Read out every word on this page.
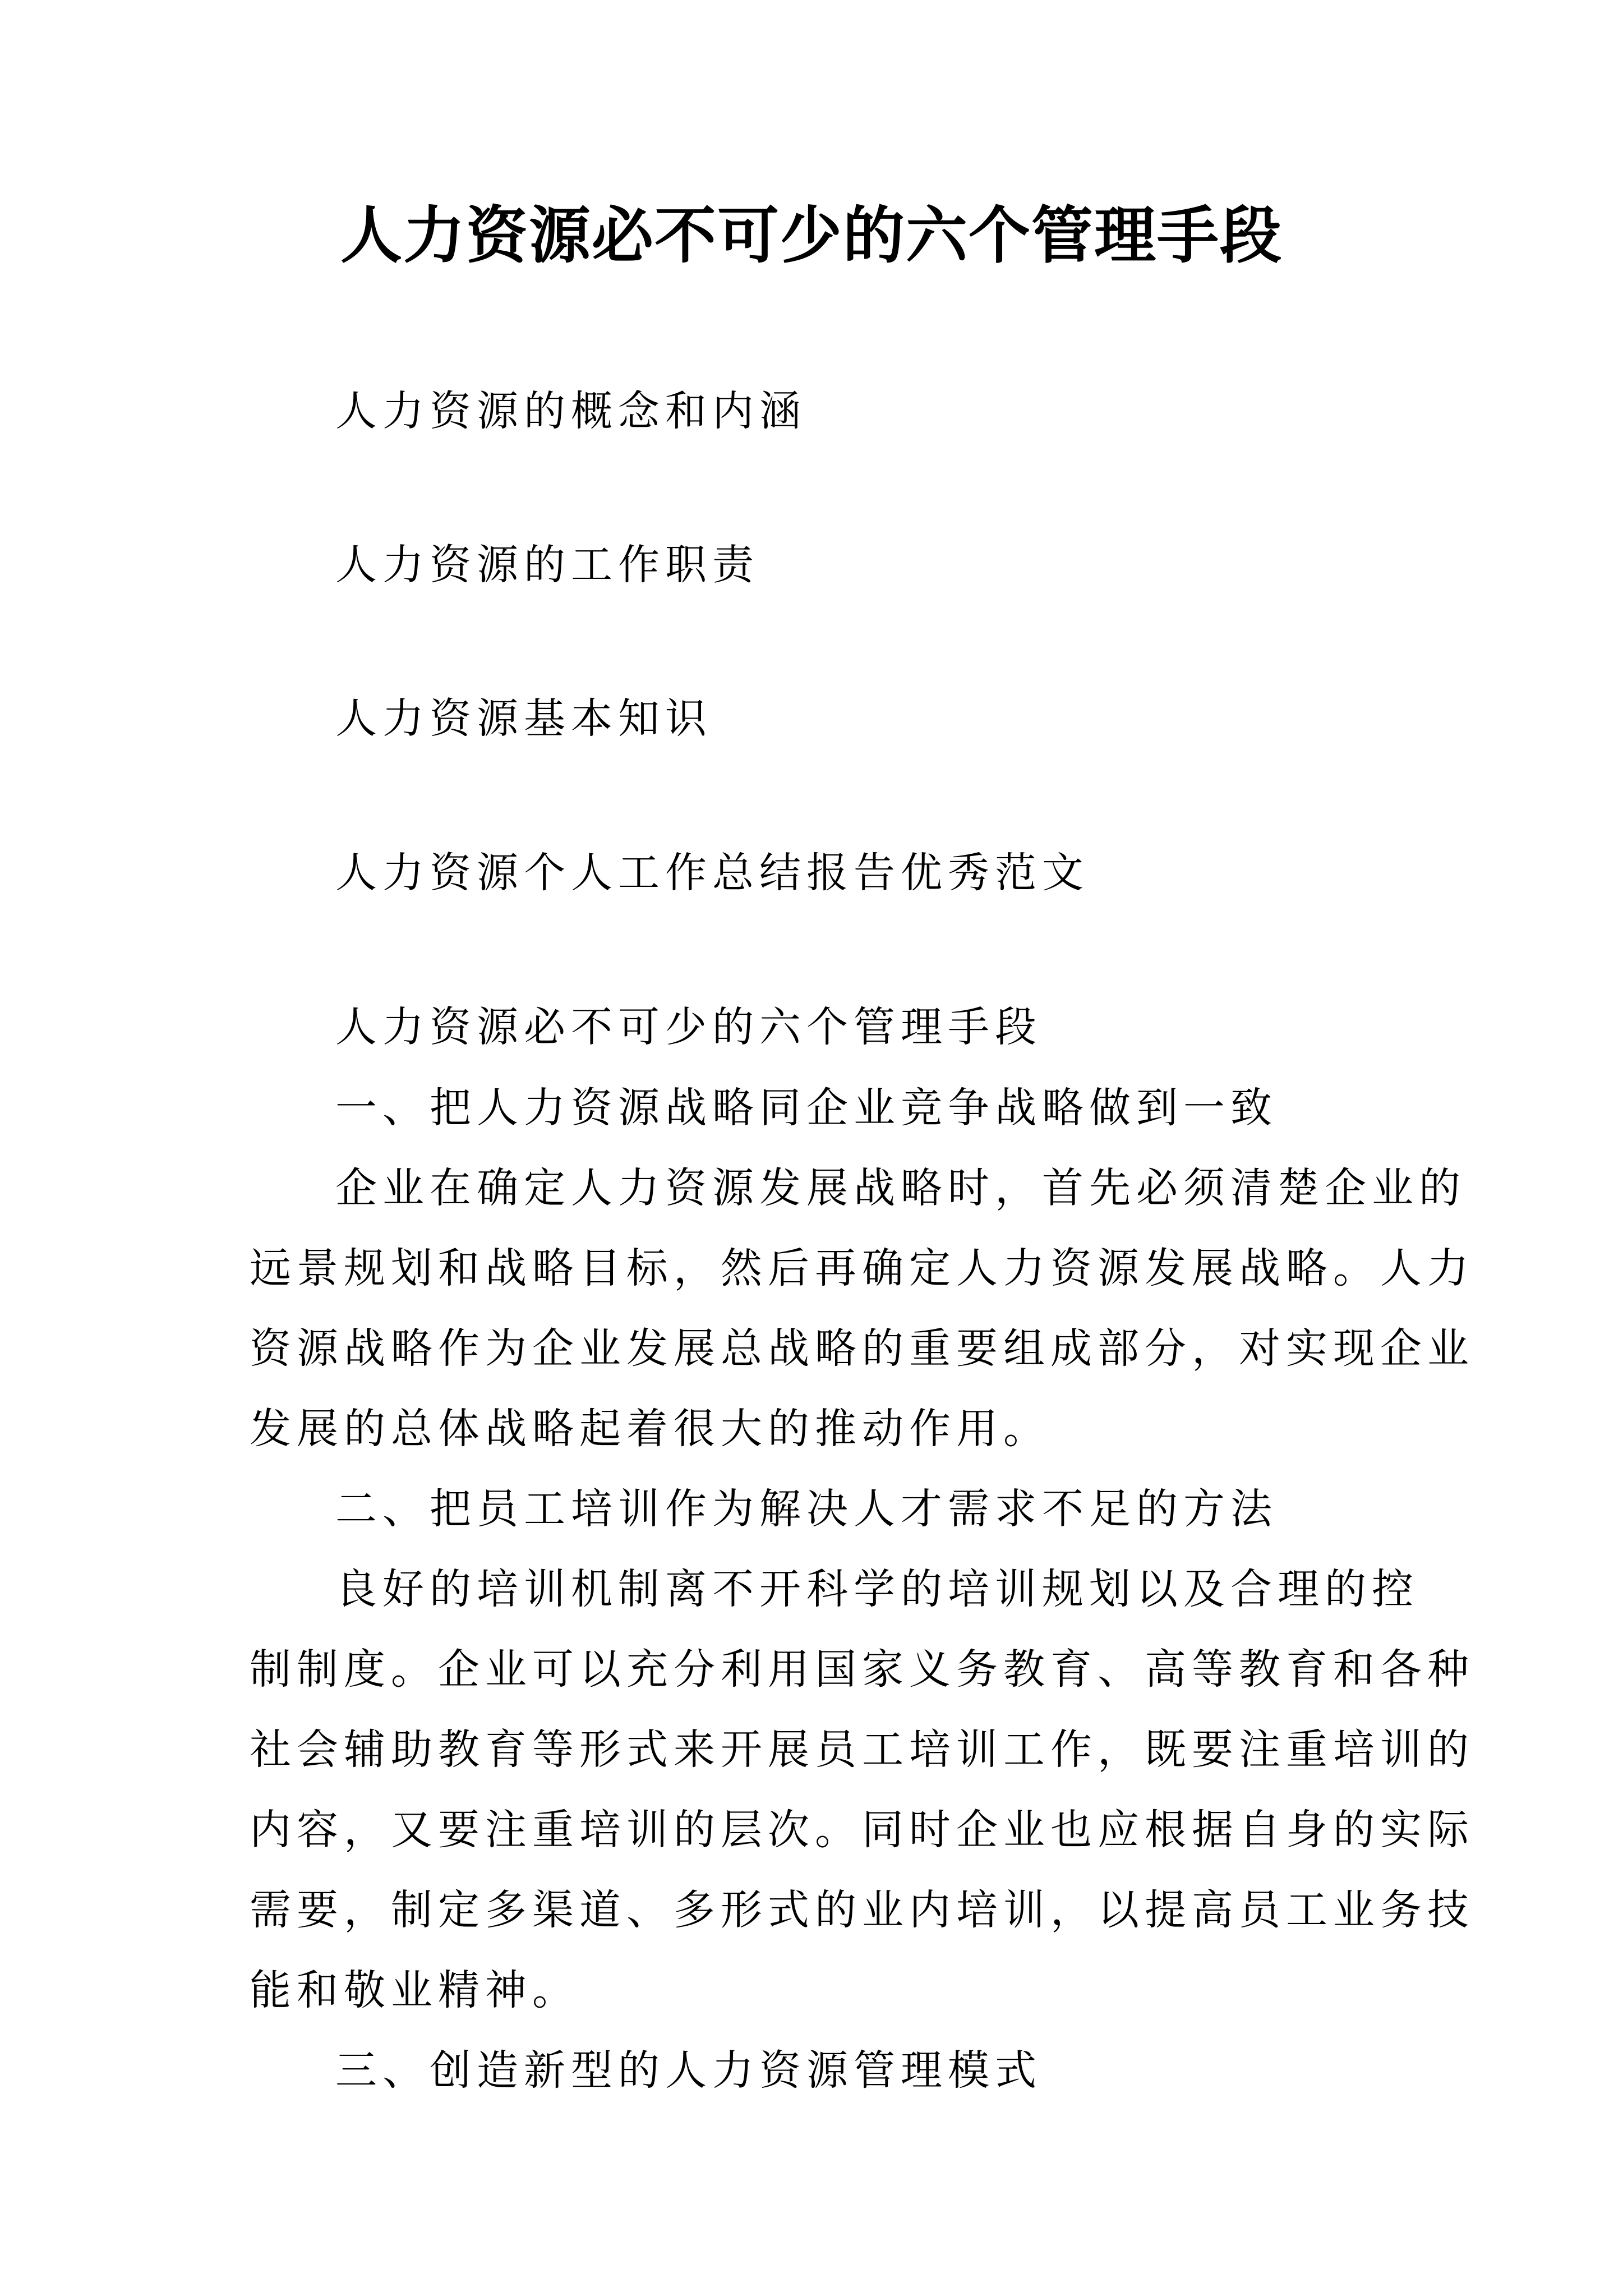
人力资源必不可少的六个管理手段
人力资源的概念和内涵
人力资源的工作职责
人力资源基本知识
人力资源个人工作总结报告优秀范文
人力资源必不可少的六个管理手段
一、把人力资源战略同企业竞争战略做到一致
企业在确定人力资源发展战略时，首先必须清楚企业的
远景规划和战略目标，然后再确定人力资源发展战略。人力
资源战略作为企业发展总战略的重要组成部分，对实现企业
发展的总体战略起着很大的推动作用。
二、把员工培训作为解决人才需求不足的方法
良好的培训机制离不开科学的培训规划以及合理的控
制制度。企业可以充分利用国家义务教育、高等教育和各种
社会辅助教育等形式来开展员工培训工作，既要注重培训的
内容，又要注重培训的层次。同时企业也应根据自身的实际
需要，制定多渠道、多形式的业内培训，以提高员工业务技
能和敬业精神。
三、创造新型的人力资源管理模式
